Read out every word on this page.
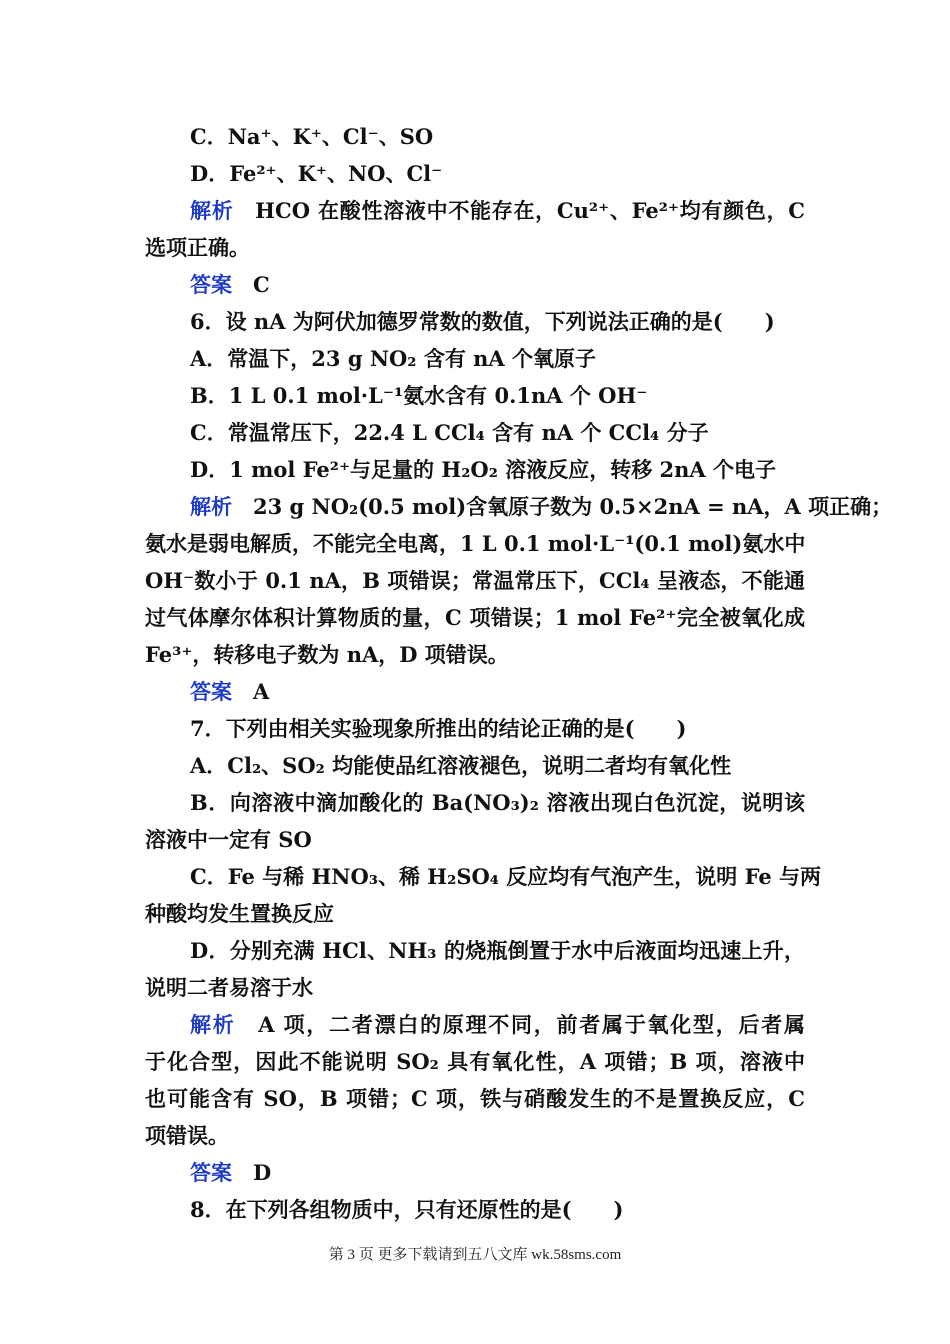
C．Na⁺、K⁺、Cl⁻、SO
D．Fe²⁺、K⁺、NO、Cl⁻
解析　 HCO 在酸性溶液中不能存在，Cu²⁺、Fe²⁺均有颜色，C
选项正确。
答案　 C
6．设 nA 为阿伏加德罗常数的数值，下列说法正确的是(　　)
A．常温下，23 g NO₂ 含有 nA 个氧原子
B．1 L 0.1 mol·L⁻¹氨水含有 0.1nA 个 OH⁻
C．常温常压下，22.4 L CCl₄ 含有 nA 个 CCl₄ 分子
D．1 mol Fe²⁺与足量的 H₂O₂ 溶液反应，转移 2nA 个电子
解析　 23 g NO₂(0.5 mol)含氧原子数为 0.5×2nA = nA，A 项正确；
氨水是弱电解质，不能完全电离，1 L 0.1 mol·L⁻¹(0.1 mol)氨水中
OH⁻数小于 0.1 nA，B 项错误；常温常压下，CCl₄ 呈液态，不能通
过气体摩尔体积计算物质的量，C 项错误；1 mol Fe²⁺完全被氧化成
Fe³⁺，转移电子数为 nA，D 项错误。
答案　 A
7．下列由相关实验现象所推出的结论正确的是(　　)
A．Cl₂、SO₂ 均能使品红溶液褪色，说明二者均有氧化性
B．向溶液中滴加酸化的 Ba(NO₃)₂ 溶液出现白色沉淀，说明该
溶液中一定有 SO
C．Fe 与稀 HNO₃、稀 H₂SO₄ 反应均有气泡产生，说明 Fe 与两
种酸均发生置换反应
D．分别充满 HCl、NH₃ 的烧瓶倒置于水中后液面均迅速上升，
说明二者易溶于水
解析　 A 项，二者漂白的原理不同，前者属于氧化型，后者属
于化合型，因此不能说明 SO₂ 具有氧化性，A 项错；B 项，溶液中
也可能含有 SO，B 项错；C 项，铁与硝酸发生的不是置换反应，C
项错误。
答案　 D
8．在下列各组物质中，只有还原性的是(　　)
第 3 页 更多下载请到五八文库 wk.58sms.com
